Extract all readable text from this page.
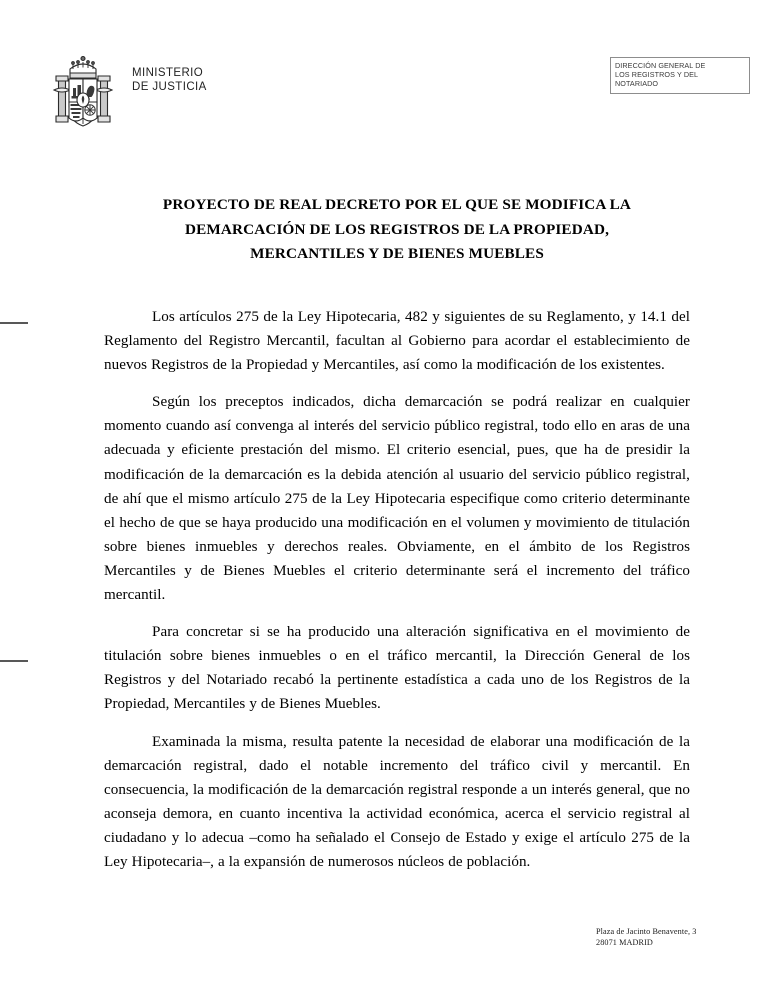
MINISTERIO
DE JUSTICIA

DIRECCIÓN GENERAL DE

LOS REGISTROS Y DEL

NOTARIADO

PROYECTO DE REAL DECRETO POR EL QUE SE MODIFICA LA
DEMARCACIÓN DE LOS REGISTROS DE LA PROPIEDAD,
MERCANTILES Y DE BIENES MUEBLES

Los artículos 275 de la Ley Hipotecaria, 482 y siguientes de su Reglamento, y 14.1 del Reglamento del Registro Mercantil, facultan al Gobierno para acordar el establecimiento de nuevos Registros de la Propiedad y Mercantiles, así como la modificación de los existentes.

Según los preceptos indicados, dicha demarcación se podrá realizar en cualquier momento cuando así convenga al interés del servicio público registral, todo ello en aras de una adecuada y eficiente prestación del mismo. El criterio esencial, pues, que ha de presidir la modificación de la demarcación es la debida atención al usuario del servicio público registral, de ahí que el mismo artículo 275 de la Ley Hipotecaria especifique como criterio determinante el hecho de que se haya producido una modificación en el volumen y movimiento de titulación sobre bienes inmuebles y derechos reales. Obviamente, en el ámbito de los Registros Mercantiles y de Bienes Muebles el criterio determinante será el incremento del tráfico mercantil.

Para concretar si se ha producido una alteración significativa en el movimiento de titulación sobre bienes inmuebles o en el tráfico mercantil, la Dirección General de los Registros y del Notariado recabó la pertinente estadística a cada uno de los Registros de la Propiedad, Mercantiles y de Bienes Muebles.

Examinada la misma, resulta patente la necesidad de elaborar una modificación de la demarcación registral, dado el notable incremento del tráfico civil y mercantil. En consecuencia, la modificación de la demarcación registral responde a un interés general, que no aconseja demora, en cuanto incentiva la actividad económica, acerca el servicio registral al ciudadano y lo adecua –como ha señalado el Consejo de Estado y exige el artículo 275 de la Ley Hipotecaria–, a la expansión de numerosos núcleos de población.

Plaza de Jacinto Benavente, 3

28071 MADRID
